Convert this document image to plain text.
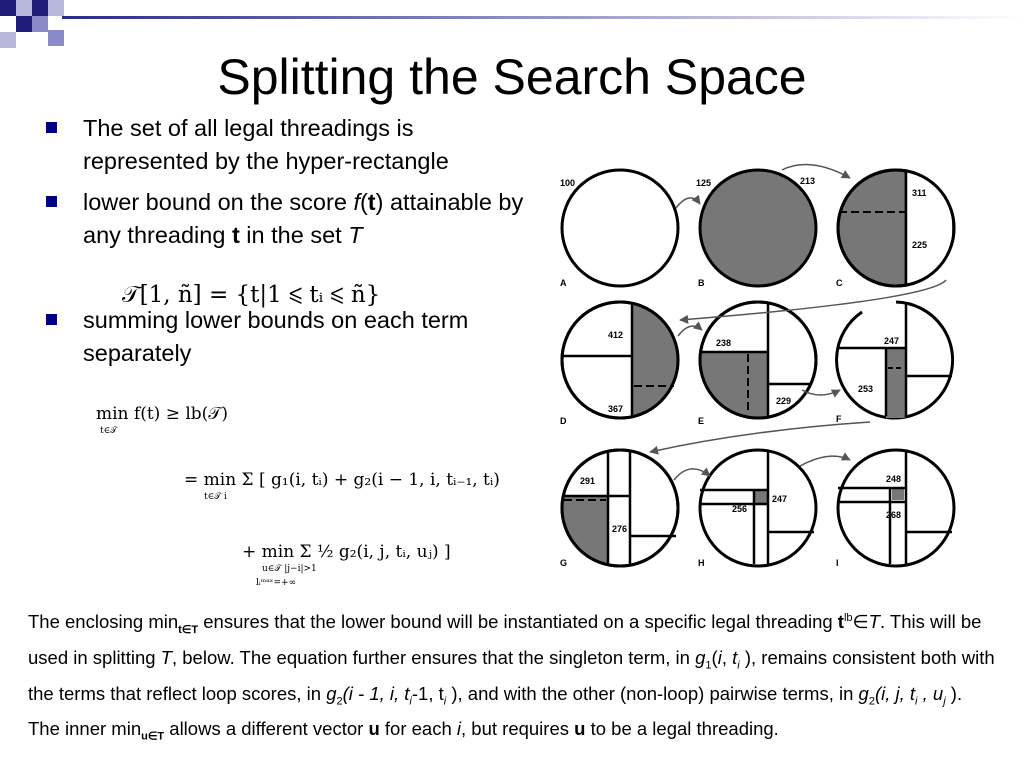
Splitting the Search Space
The set of all legal threadings is represented by the hyper-rectangle
lower bound on the score f(t) attainable by any threading t in the set T
summing lower bounds on each term separately
𝒯[1, ñ] = {t|1 ⩽ tᵢ ⩽ ñ}
min f(t) ≥ lb(𝒯)
t∈𝒯
= min Σ [ g₁(i, tᵢ) + g₂(i − 1, i, tᵢ₋₁, tᵢ)
t∈𝒯 i
+ min Σ ½ g₂(i, j, tᵢ, uⱼ) ]
u∈𝒯 |j−i|>1
lᵢᵐᵃˣ=+∞
A	B	C
D	E	F
G	H	I
100	125	213
311
225
412
367
238
229
247
253
291
276
256
247
248
268
The enclosing $\min_{t\in T}$ ensures that the lower bound will be instantiated on a specific legal threading $t^{lb}\in T$. This will be used in splitting T, below. The equation further ensures that the singleton term, in $g_1(i$, $t_i$ ), remains consistent both with the terms that reflect loop scores, in $g_2(i - 1$, i, $t_i-1$, $t_i$ ), and with the other (non-loop) pairwise terms, in $g_2(i$, j, $t_i$ , $u_j$ ). The inner $\min_{u\in T}$ allows a different vector u for each i, but requires u to be a legal threading.
